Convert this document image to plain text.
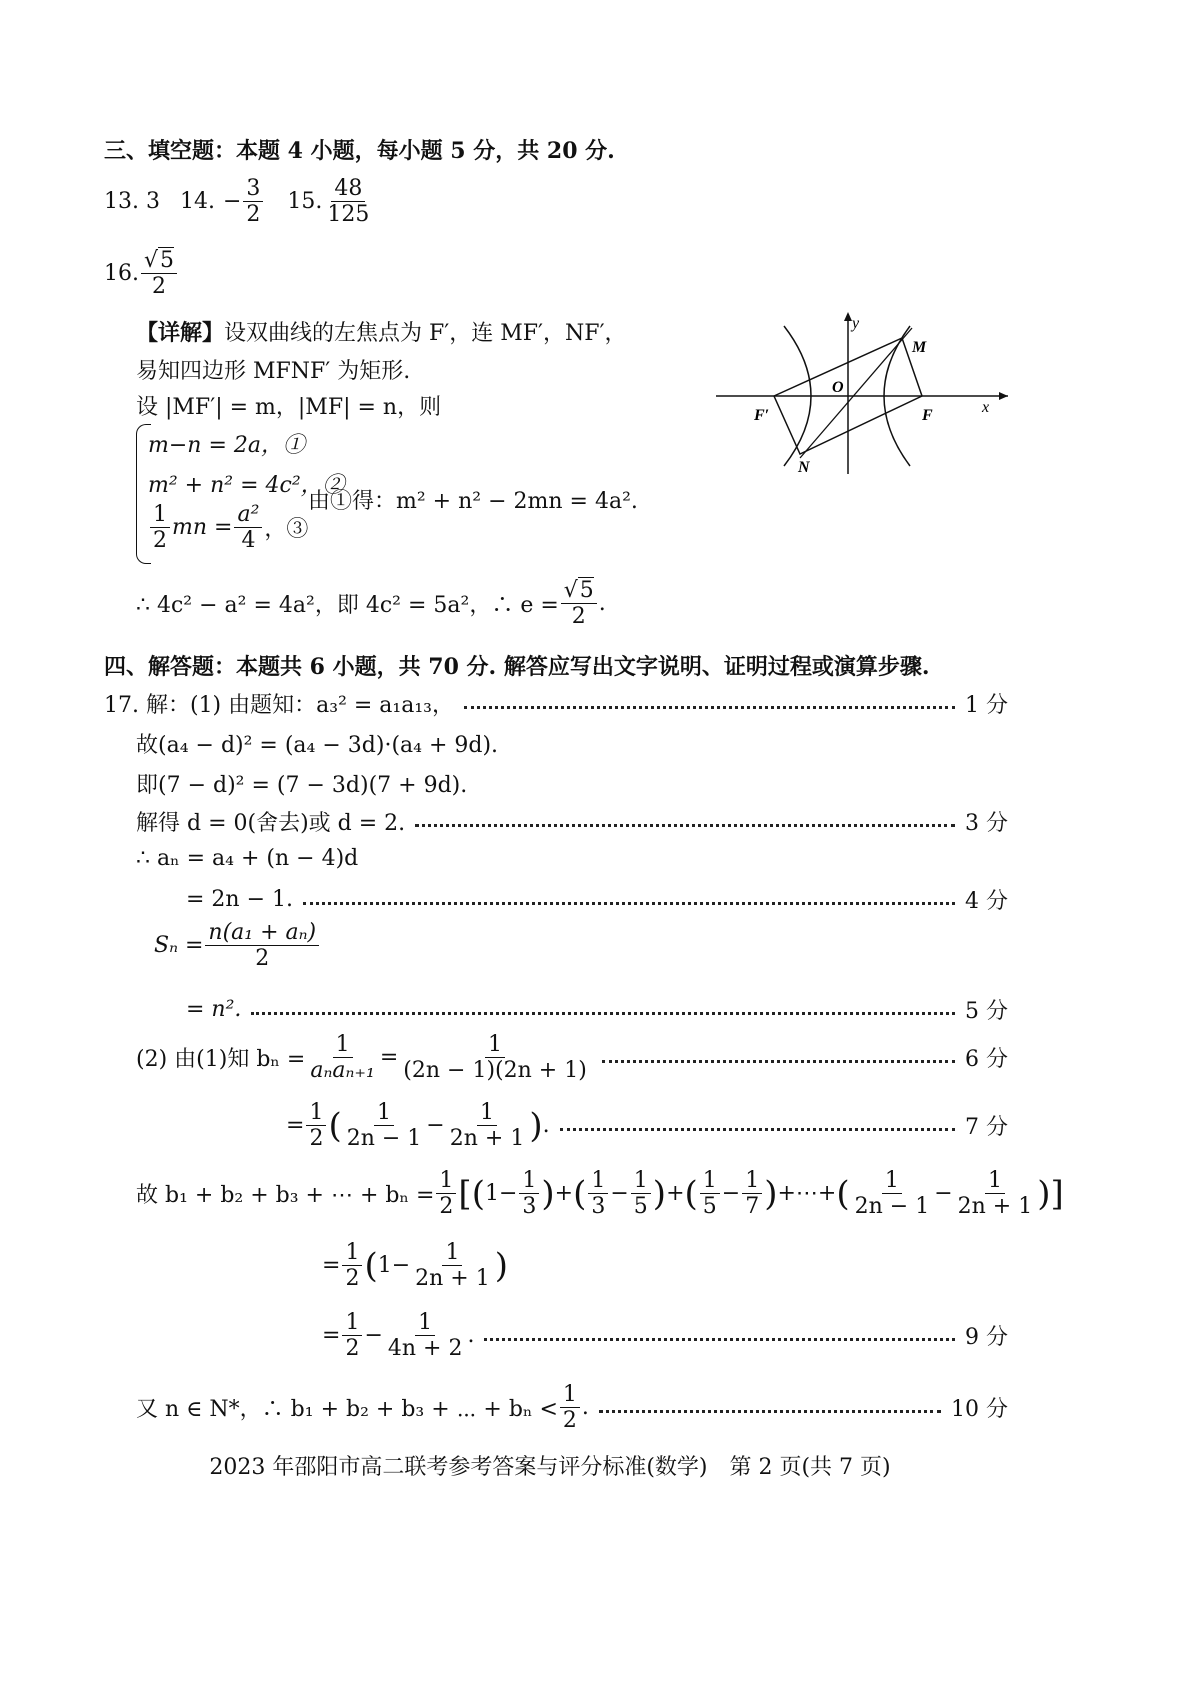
三、填空题：本题 4 小题，每小题 5 分，共 20 分.
13. 3 14. − $\frac{3}{2} 15$. $\frac{48}{125}$
16. $\frac{√5}{2}$
【详解】设双曲线的左焦点为 F′，连 MF′，NF′，
易知四边形 MFNF′ 为矩形.
设 |MF′| = m，|MF| = n，则
m−n = 2a，①
m² + n² = 4c²，②
$\frac{1}{2}$ mn = $\frac{\text{a²}}{4}$ ，③
由①得：m² + n² − 2mn = 4a².
∴ 4c² − a² = 4a²，即 4c² = 5a²，∴ $e = \frac{√5}{2}$ .
y
x
M
O
F
F′
N
四、解答题：本题共 6 小题，共 70 分. 解答应写出文字说明、证明过程或演算步骤.
17. 解：(1) 由题知：a₃² = a₁a₁₃，	1 分
故(a₄ − d)² = (a₄ − 3d)·(a₄ + 9d).
即(7 − d)² = (7 − 3d)(7 + 9d).
解得 d = 0(舍去)或 d = 2.	3 分
∴ aₙ = a₄ + (n − 4)d
= 2n − 1.	4 分
$S_n = \frac{\text{n(a₁ + aₙ)}}{2}$
= n².	5 分
(2) 由(1)知 $b_n = \frac{1}{\text{aₙaₙ₊₁}} = \frac{1}{(2n - 1)(2n + 1)}$	6 分
= $\frac{1}{2}$ ( $\frac{1}{2n - 1} - \frac{1}{2n + 1}$ ) .	7 分
故 b₁ + b₂ + b₃ + ⋯ + $b_n = \frac{1}{2}$ [ ( $1- \frac{1}{3}$ ) + ( $\frac{1}{3} - \frac{1}{5}$ ) + ( $\frac{1}{5} - \frac{1}{7}$ ) +⋯+ ( $\frac{1}{2n - 1} - \frac{1}{2n + 1}$ ) ]
= $\frac{1}{2}$ ( $1- \frac{1}{2n + 1}$ )
= $\frac{1}{2} - \frac{1}{4n + 2}$ .	9 分
又 n ∈ N*，∴ b₁ + b₂ + b₃ + ⋯ + $b_n < \frac{1}{2}$ .	10 分
2023 年邵阳市高二联考参考答案与评分标准(数学)　第 2 页(共 7 页)
